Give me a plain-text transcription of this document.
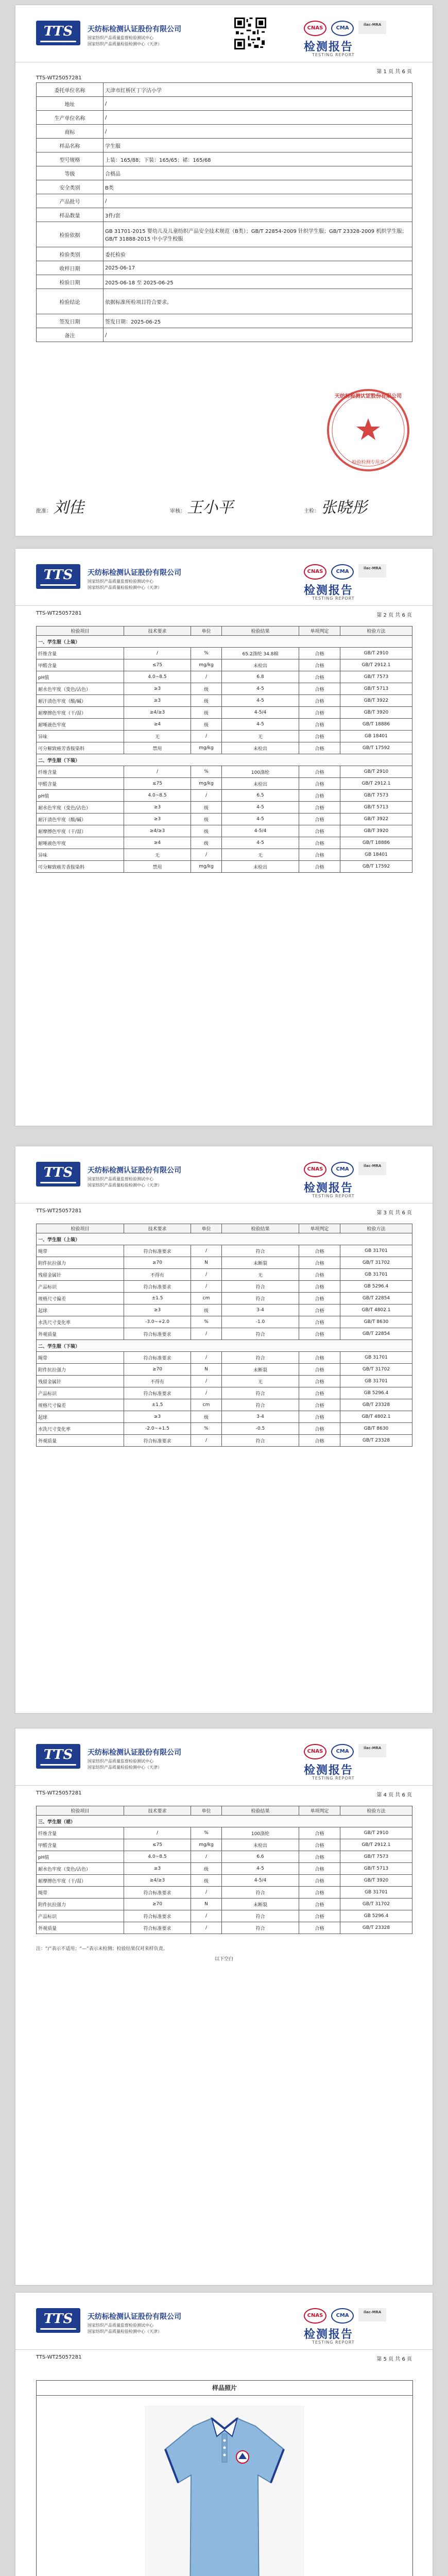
TTS	天纺标检测认证股份有限公司
国家纺织产品质量监督检验测试中心
国家纺织产品质量检验检测中心（天津）
CNAS	CMA ilac-MRA
检测报告
TESTING REPORT
第 1 页 共 6 页
TTS-WT25057281
委托单位名称	天津市红桥区丁字沽小学
地址	/
生产单位名称	/
商标	/
样品名称	学生服
型号规格	上装：165/88；下装：165/65；裙：165/68
等级	合格品
安全类别	B类
产品批号	/
样品数量	3件/套
检验依据	GB 31701-2015 婴幼儿及儿童纺织产品安全技术规范（B类）；GB/T 22854-2009 针织学生服；GB/T 23328-2009 机织学生服；GB/T 31888-2015 中小学生校服
检验类别	委托检验
收样日期	2025-06-17
检验日期	2025-06-18 至 2025-06-25
检验结论	依据标准所检项目符合要求。
签发日期	签发日期：2025-06-25
备注	/
天纺标检测认证股份有限公司
检验检测专用章
批准： 刘佳	审核： 王小平	主检： 张晓彤
TTS	天纺标检测认证股份有限公司
国家纺织产品质量监督检验测试中心
国家纺织产品质量检验检测中心（天津）
CNAS	CMA ilac-MRA
检测报告
TESTING REPORT
第 2 页 共 6 页
TTS-WT25057281
检验项目	技术要求	单位	检验结果	单项判定	检验方法
一、学生服（上装）					
纤维含量	/	%	65.2涤纶 34.8棉	合格	GB/T 2910
甲醛含量	≤75	mg/kg	未检出	合格	GB/T 2912.1
pH值	4.0~8.5	/	6.8	合格	GB/T 7573
耐水色牢度（变色/沾色）	≥3	级	4-5	合格	GB/T 5713
耐汗渍色牢度（酸/碱）	≥3	级	4-5	合格	GB/T 3922
耐摩擦色牢度（干/湿）	≥4/≥3	级	4-5/4	合格	GB/T 3920
耐唾液色牢度	≥4	级	4-5	合格	GB/T 18886
异味	无	/	无	合格	GB 18401
可分解致癌芳香胺染料	禁用	mg/kg	未检出	合格	GB/T 17592
二、学生服（下装）					
纤维含量	/	%	100涤纶	合格	GB/T 2910
甲醛含量	≤75	mg/kg	未检出	合格	GB/T 2912.1
pH值	4.0~8.5	/	6.5	合格	GB/T 7573
耐水色牢度（变色/沾色）	≥3	级	4-5	合格	GB/T 5713
耐汗渍色牢度（酸/碱）	≥3	级	4-5	合格	GB/T 3922
耐摩擦色牢度（干/湿）	≥4/≥3	级	4-5/4	合格	GB/T 3920
耐唾液色牢度	≥4	级	4-5	合格	GB/T 18886
异味	无	/	无	合格	GB 18401
可分解致癌芳香胺染料	禁用	mg/kg	未检出	合格	GB/T 17592
TTS	天纺标检测认证股份有限公司
国家纺织产品质量监督检验测试中心
国家纺织产品质量检验检测中心（天津）
CNAS	CMA ilac-MRA
检测报告
TESTING REPORT
第 3 页 共 6 页
TTS-WT25057281
检验项目	技术要求	单位	检验结果	单项判定	检验方法
一、学生服（上装）					
绳带	符合标准要求	/	符合	合格	GB 31701
附件抗拉强力	≥70	N	未断裂	合格	GB/T 31702
残留金属针	不得有	/	无	合格	GB 31701
产品标识	符合标准要求	/	符合	合格	GB 5296.4
规格尺寸偏差	±1.5	cm	符合	合格	GB/T 22854
起球	≥3	级	3-4	合格	GB/T 4802.1
水洗尺寸变化率	-3.0~+2.0	%	-1.0	合格	GB/T 8630
外观质量	符合标准要求	/	符合	合格	GB/T 22854
二、学生服（下装）					
绳带	符合标准要求	/	符合	合格	GB 31701
附件抗拉强力	≥70	N	未断裂	合格	GB/T 31702
残留金属针	不得有	/	无	合格	GB 31701
产品标识	符合标准要求	/	符合	合格	GB 5296.4
规格尺寸偏差	±1.5	cm	符合	合格	GB/T 23328
起球	≥3	级	3-4	合格	GB/T 4802.1
水洗尺寸变化率	-2.0~+1.5	%	-0.5	合格	GB/T 8630
外观质量	符合标准要求	/	符合	合格	GB/T 23328
TTS	天纺标检测认证股份有限公司
国家纺织产品质量监督检验测试中心
国家纺织产品质量检验检测中心（天津）
CNAS	CMA ilac-MRA
检测报告
TESTING REPORT
第 4 页 共 6 页
TTS-WT25057281
检验项目	技术要求	单位	检验结果	单项判定	检验方法
三、学生服（裙）					
纤维含量	/	%	100涤纶	合格	GB/T 2910
甲醛含量	≤75	mg/kg	未检出	合格	GB/T 2912.1
pH值	4.0~8.5	/	6.6	合格	GB/T 7573
耐水色牢度（变色/沾色）	≥3	级	4-5	合格	GB/T 5713
耐摩擦色牢度（干/湿）	≥4/≥3	级	4-5/4	合格	GB/T 3920
绳带	符合标准要求	/	符合	合格	GB 31701
附件抗拉强力	≥70	N	未断裂	合格	GB/T 31702
产品标识	符合标准要求	/	符合	合格	GB 5296.4
外观质量	符合标准要求	/	符合	合格	GB/T 23328
注：“/”表示不适用；“—”表示未检测；检验结果仅对来样负责。
以下空白
TTS	天纺标检测认证股份有限公司
国家纺织产品质量监督检验测试中心
国家纺织产品质量检验检测中心（天津）
CNAS	CMA ilac-MRA
检测报告
TESTING REPORT
第 5 页 共 6 页
TTS-WT25057281
样品照片
